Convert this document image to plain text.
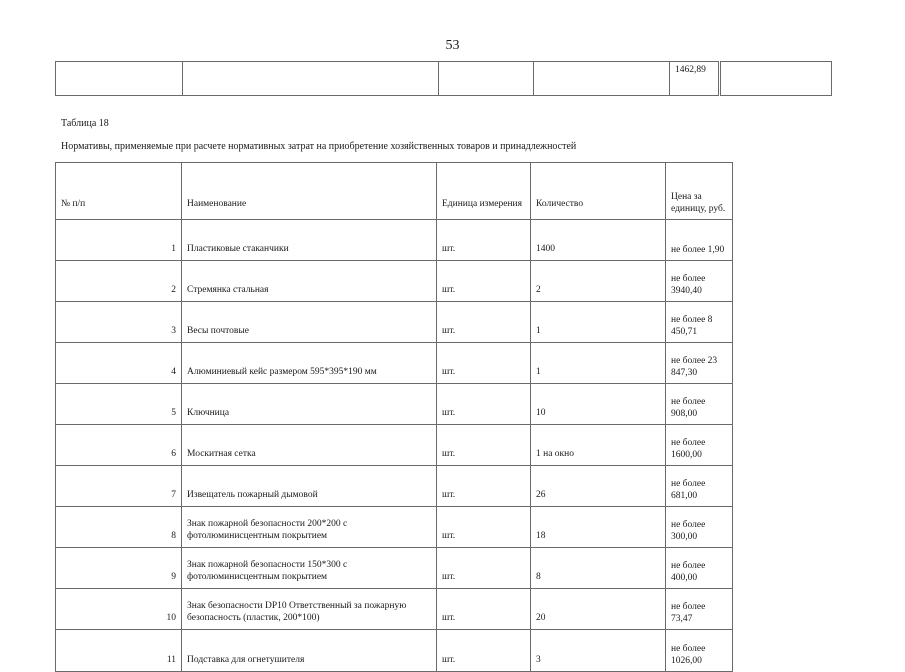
53
				1462,89		
Таблица 18
Нормативы, применяемые при расчете нормативных затрат на приобретение хозяйственных товаров и принадлежностей
№ п/п	Наименование	Единица измерения	Количество	Цена за единицу, руб.
1	Пластиковые стаканчики	шт.	1400	не более 1,90
2	Стремянка стальная	шт.	2	не более 3940,40
3	Весы почтовые	шт.	1	не более 8 450,71
4	Алюминиевый кейс размером 595*395*190 мм	шт.	1	не более 23 847,30
5	Ключница	шт.	10	не более 908,00
6	Москитная сетка	шт.	1 на окно	не более 1600,00
7	Извещатель пожарный дымовой	шт.	26	не более 681,00
8	Знак пожарной безопасности 200*200 с фотолюминисцентным покрытием	шт.	18	не более 300,00
9	Знак пожарной безопасности 150*300 с фотолюминисцентным покрытием	шт.	8	не более 400,00
10	Знак безопасности DP10 Ответственный за пожарную безопасность (пластик, 200*100)	шт.	20	не более 73,47
11	Подставка для огнетушителя	шт.	3	не более 1026,00
